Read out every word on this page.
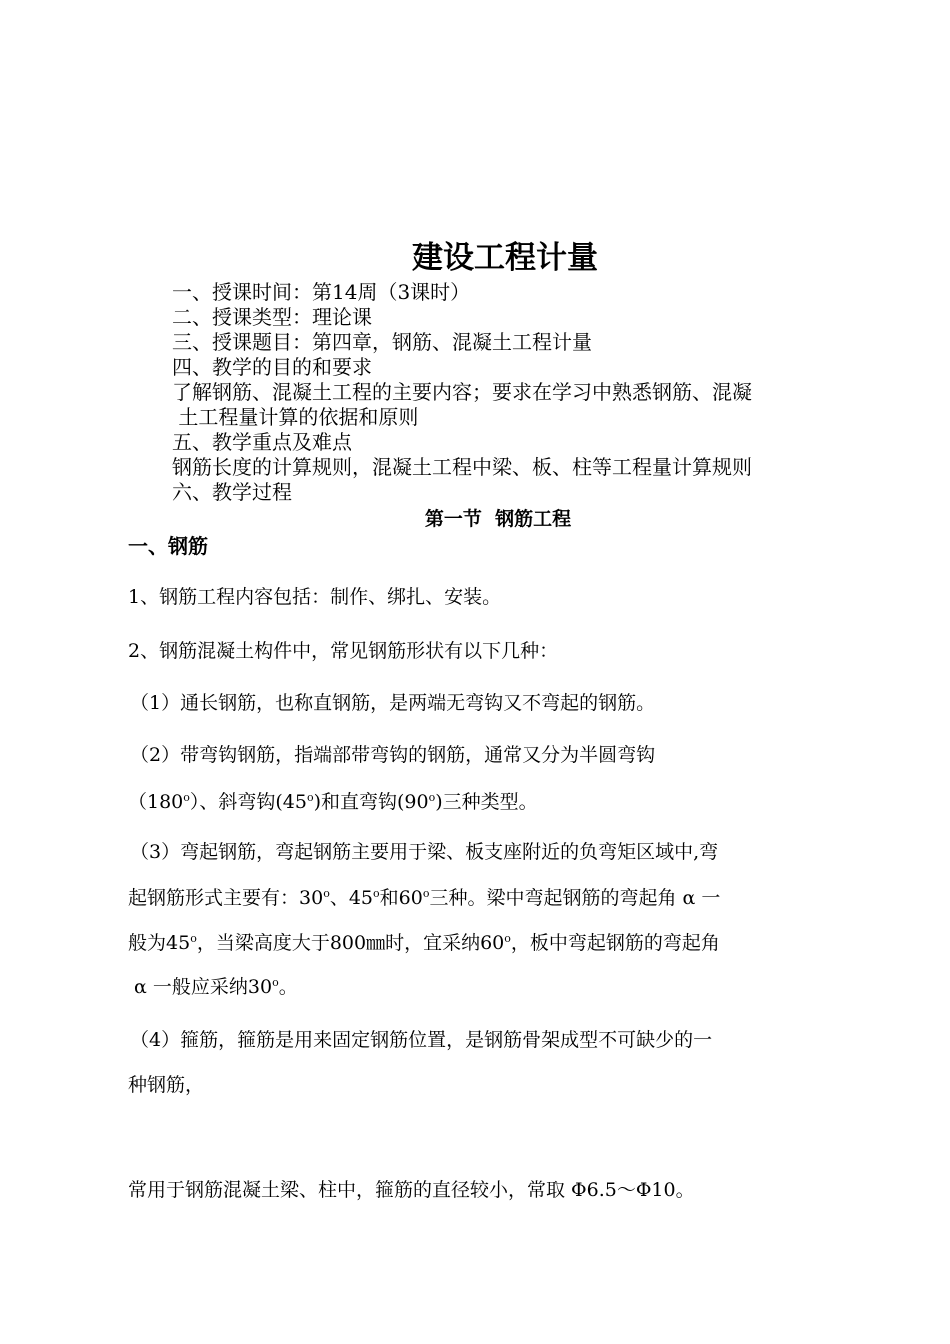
建设工程计量
一、授课时间：第14周（3课时）
二、授课类型：理论课
三、授课题目：第四章，钢筋、混凝土工程计量
四、教学的目的和要求
了解钢筋、混凝土工程的主要内容；要求在学习中熟悉钢筋、混凝
土工程量计算的依据和原则
五、教学重点及难点
钢筋长度的计算规则，混凝土工程中梁、板、柱等工程量计算规则
六、教学过程
第一节  钢筋工程
一、钢筋
1、钢筋工程内容包括：制作、绑扎、安装。
2、钢筋混凝土构件中，常见钢筋形状有以下几种：
（1）通长钢筋，也称直钢筋，是两端无弯钩又不弯起的钢筋。
（2）带弯钩钢筋，指端部带弯钩的钢筋，通常又分为半圆弯钩
（180$^o$）、斜弯钩(45$^o$)和直弯钩(90$^o$)三种类型。
（3）弯起钢筋，弯起钢筋主要用于梁、板支座附近的负弯矩区域中,弯
起钢筋形式主要有：30$^o$、45$^o$和60$^o$三种。梁中弯起钢筋的弯起角 α 一
般为45$^o$，当梁高度大于800㎜时，宜采纳60$^o$，板中弯起钢筋的弯起角
α 一般应采纳30$^o$。
（4）箍筋，箍筋是用来固定钢筋位置，是钢筋骨架成型不可缺少的一
种钢筋，
常用于钢筋混凝土梁、柱中，箍筋的直径较小，常取 Φ6.5～Φ10。
